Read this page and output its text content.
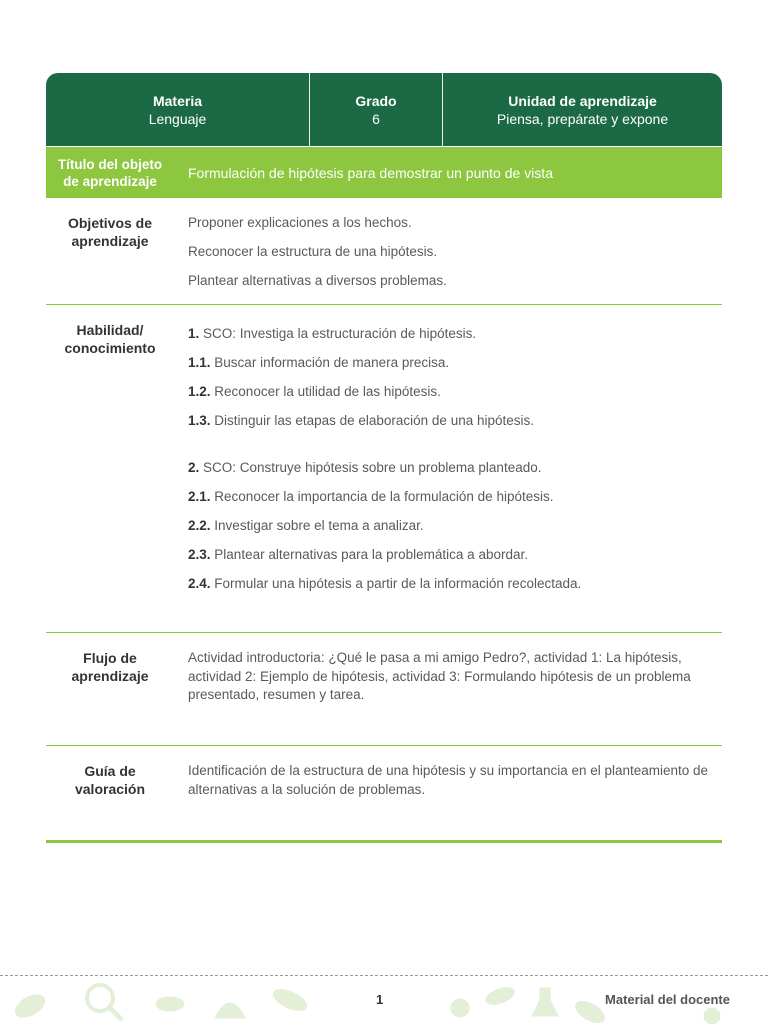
Materia
Lenguaje
Grado
6
Unidad de aprendizaje
Piensa, prepárate y expone
Título del objeto
de aprendizaje
Formulación de hipótesis para demostrar un punto de vista
Objetivos de
aprendizaje

Proponer explicaciones a los hechos.

Reconocer la estructura de una hipótesis.

Plantear alternativas a diversos problemas.

Habilidad/
conocimiento

1. SCO: Investiga la estructuración de hipótesis.

1.1. Buscar información de manera precisa.

1.2. Reconocer la utilidad de las hipótesis.

1.3. Distinguir las etapas de elaboración de una hipótesis.

2. SCO: Construye hipótesis sobre un problema planteado.

2.1. Reconocer la importancia de la formulación de hipótesis.

2.2. Investigar sobre el tema a analizar.

2.3. Plantear alternativas para la problemática a abordar.

2.4. Formular una hipótesis a partir de la información recolectada.

Flujo de
aprendizaje
Actividad introductoria: ¿Qué le pasa a mi amigo Pedro?, actividad 1: La hipótesis, actividad 2: Ejemplo de hipótesis, actividad 3: Formulando hipótesis de un problema presentado, resumen y tarea.
Guía de
valoración
Identificación de la estructura de una hipótesis y su importancia en el planteamiento de alternativas a la solución de problemas.
1	Material del docente
